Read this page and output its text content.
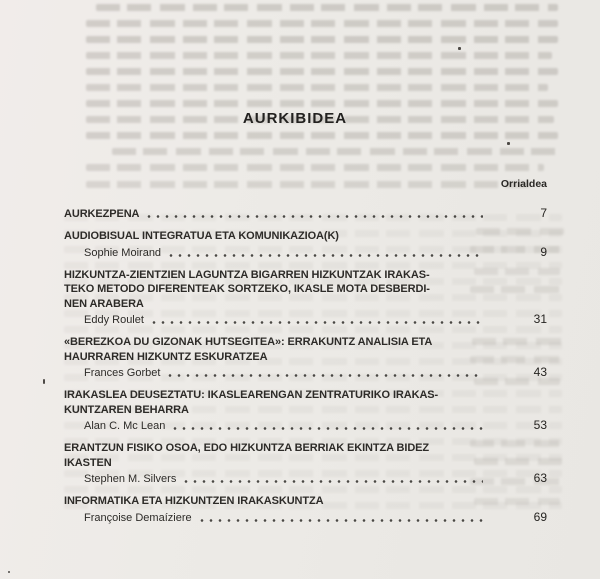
AURKIBIDEA
Orrialdea
AURKEZPENA	7
AUDIOBISUAL INTEGRATUA ETA KOMUNIKAZIOA(K)
Sophie Moirand	9
HIZKUNTZA-ZIENTZIEN LAGUNTZA BIGARREN HIZKUNTZAK IRAKAS-
TEKO METODO DIFERENTEAK SORTZEKO, IKASLE MOTA DESBERDI-
NEN ARABERA
Eddy Roulet	31
«BEREZKOA DU GIZONAK HUTSEGITEA»: ERRAKUNTZ ANALISIA ETA
HAURRAREN HIZKUNTZ ESKURATZEA
Frances Gorbet	43
IRAKASLEA DEUSEZTATU: IKASLEARENGAN ZENTRATURIKO IRAKAS-
KUNTZAREN BEHARRA
Alan C. Mc Lean	53
ERANTZUN FISIKO OSOA, EDO HIZKUNTZA BERRIAK EKINTZA BIDEZ
IKASTEN
Stephen M. Silvers	63
INFORMATIKA ETA HIZKUNTZEN IRAKASKUNTZA
Françoise Demaíziere	69
